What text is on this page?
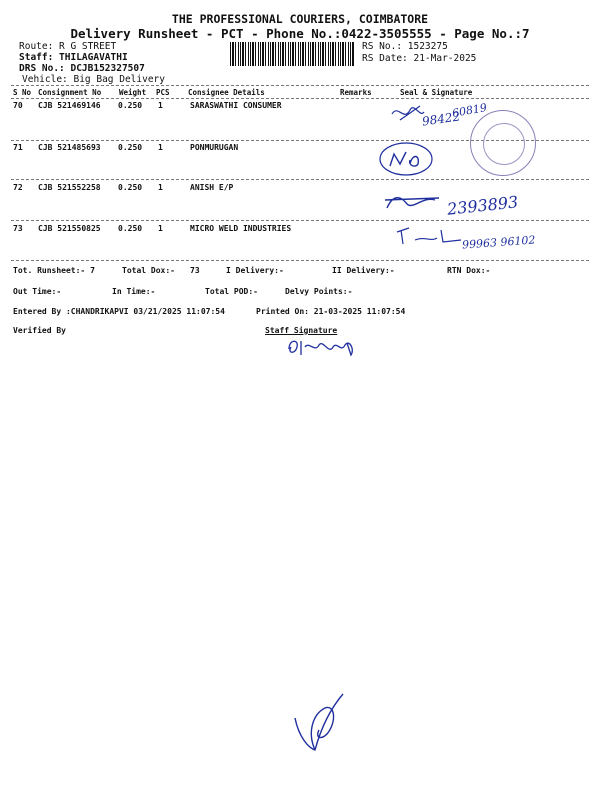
THE PROFESSIONAL COURIERS, COIMBATORE
Delivery Runsheet - PCT - Phone No.:0422-3505555 - Page No.:7
Route: R G STREET
Staff: THILAGAVATHI
DRS No.: DCJB152327507
Vehicle: Big Bag Delivery
RS No.: 1523275
RS Date: 21-Mar-2025
S No Consignment No Weight PCS Consignee Details	Remarks	Seal & Signature
70 CJB 521469146 0.250 1	SARASWATHI CONSUMER
71 CJB 521485693 0.250 1	PONMURUGAN
72 CJB 521552258 0.250 1	ANISH E/P
73 CJB 521550825 0.250 1	MICRO WELD INDUSTRIES
98422
60819
2393893
99963 96102
Tot. Runsheet:- 7	Total Dox:- 73	I Delivery:-	II Delivery:-	RTN Dox:-
Out Time:-	In Time:-	Total POD:-	Delvy Points:-
Entered By :CHANDRIKAPVI 03/21/2025 11:07:54	Printed On: 21-03-2025 11:07:54
Verified By	Staff Signature
